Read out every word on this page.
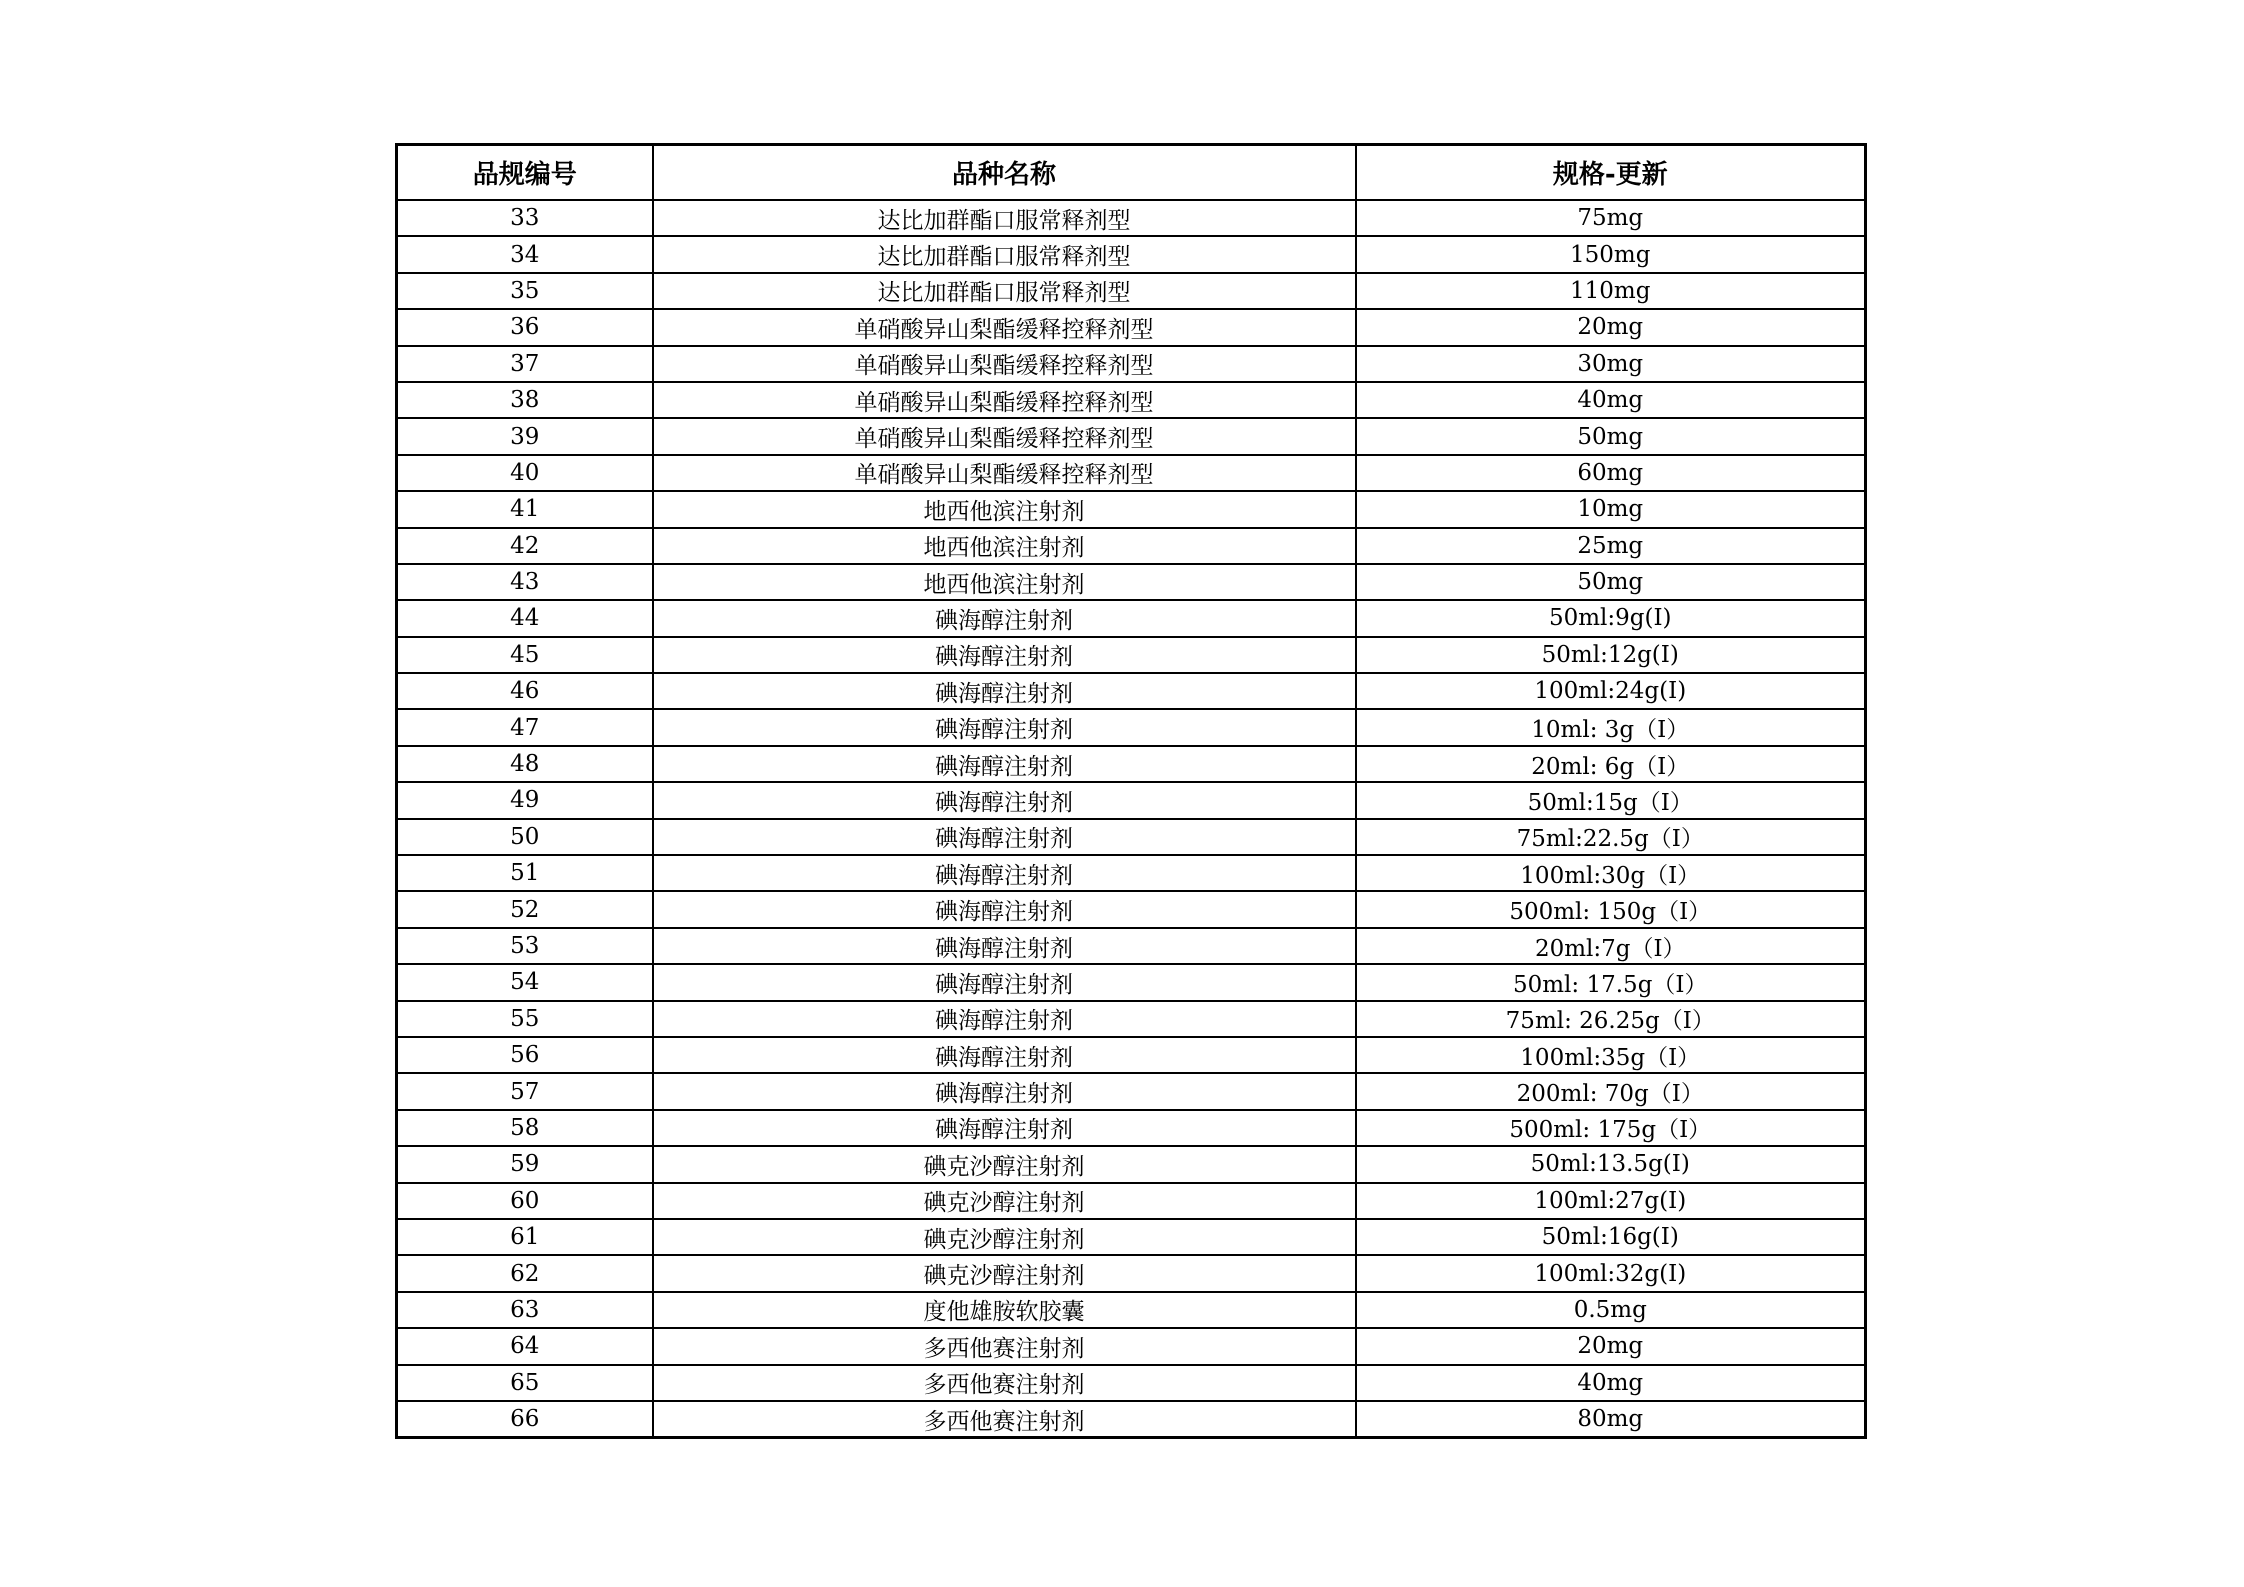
品规编号	品种名称	规格-更新
33	达比加群酯口服常释剂型	75mg
34	达比加群酯口服常释剂型	150mg
35	达比加群酯口服常释剂型	110mg
36	单硝酸异山梨酯缓释控释剂型	20mg
37	单硝酸异山梨酯缓释控释剂型	30mg
38	单硝酸异山梨酯缓释控释剂型	40mg
39	单硝酸异山梨酯缓释控释剂型	50mg
40	单硝酸异山梨酯缓释控释剂型	60mg
41	地西他滨注射剂	10mg
42	地西他滨注射剂	25mg
43	地西他滨注射剂	50mg
44	碘海醇注射剂	50ml:9g(Ⅰ)
45	碘海醇注射剂	50ml:12g(Ⅰ)
46	碘海醇注射剂	100ml:24g(Ⅰ)
47	碘海醇注射剂	10ml: 3g（I）
48	碘海醇注射剂	20ml: 6g（I）
49	碘海醇注射剂	50ml:15g（I）
50	碘海醇注射剂	75ml:22.5g（I）
51	碘海醇注射剂	100ml:30g（I）
52	碘海醇注射剂	500ml: 150g（I）
53	碘海醇注射剂	20ml:7g（I）
54	碘海醇注射剂	50ml: 17.5g（I）
55	碘海醇注射剂	75ml: 26.25g（I）
56	碘海醇注射剂	100ml:35g（I）
57	碘海醇注射剂	200ml: 70g（I）
58	碘海醇注射剂	500ml: 175g（I）
59	碘克沙醇注射剂	50ml:13.5g(I)
60	碘克沙醇注射剂	100ml:27g(I)
61	碘克沙醇注射剂	50ml:16g(I)
62	碘克沙醇注射剂	100ml:32g(I)
63	度他雄胺软胶囊	0.5mg
64	多西他赛注射剂	20mg
65	多西他赛注射剂	40mg
66	多西他赛注射剂	80mg
